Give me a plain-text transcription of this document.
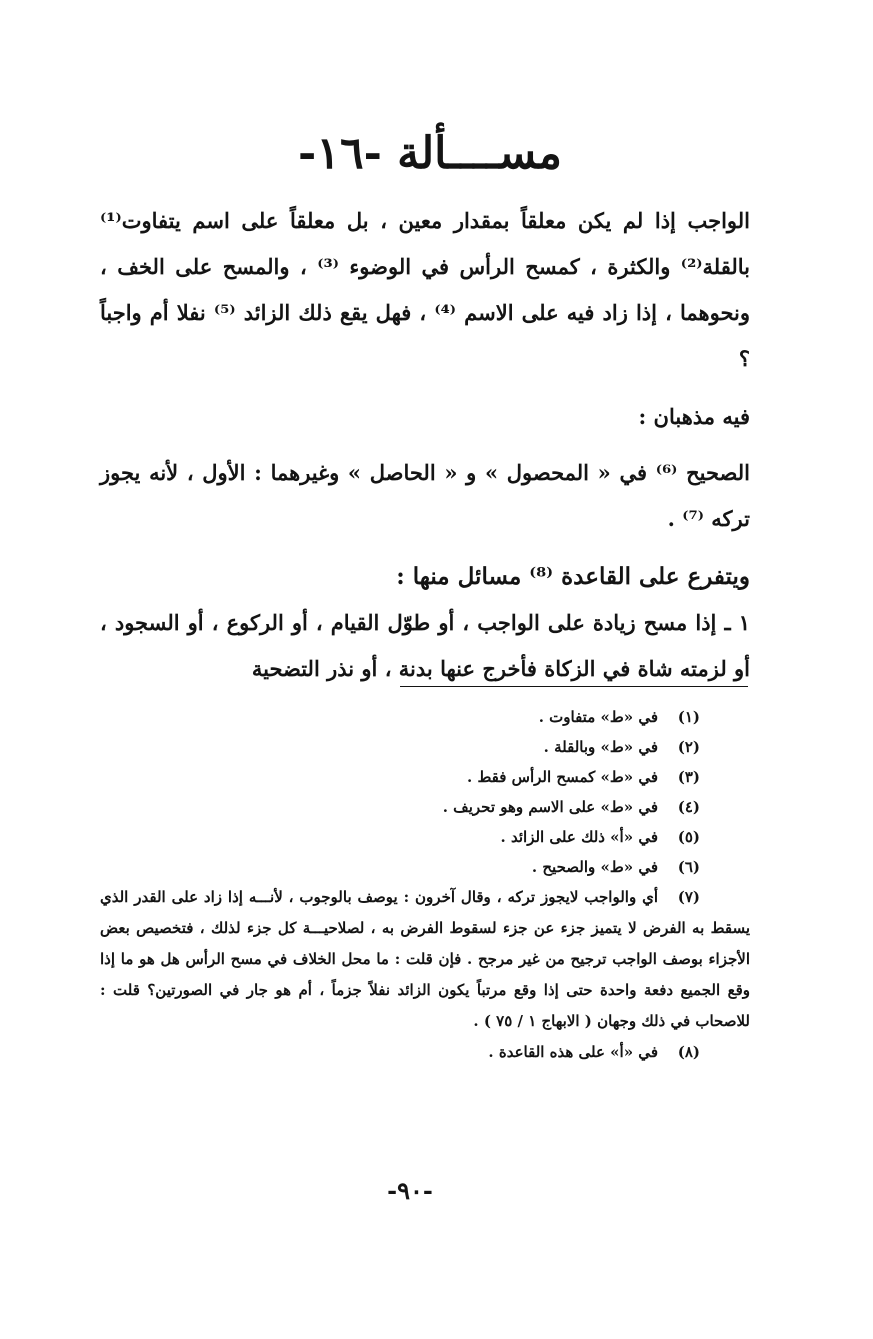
مســــألة -١٦-

الواجب إذا لم يكن معلقاً بمقدار معين ، بل معلقاً على اسم يتفاوت⁽¹⁾ بالقلة⁽²⁾ والكثرة ، كمسح الرأس في الوضوء ⁽³⁾ ، والمسح على الخف ، ونحوهما ، إذا زاد فيه على الاسم ⁽⁴⁾ ، فهل يقع ذلك الزائد ⁽⁵⁾ نفلا أم واجباً ؟

فيه مذهبان :

الصحيح ⁽⁶⁾ في « المحصول » و « الحاصل » وغيرهما : الأول ، لأنه يجوز تركه ⁽⁷⁾ .

ويتفرع على القاعدة ⁽⁸⁾ مسائل منها :

١ ـ إذا مسح زيادة على الواجب ، أو طوّل القيام ، أو الركوع ، أو السجود ، أو لزمته شاة في الزكاة فأخرج عنها بدنة ، أو نذر التضحية

(١)في «ط» متفاوت .

(٢)في «ط» وبالقلة .

(٣)في «ط» كمسح الرأس فقط .

(٤)في «ط» على الاسم وهو تحريف .

(٥)في «أ» ذلك على الزائد .

(٦)في «ط» والصحيح .

(٧)أي والواجب لايجوز تركه ، وقال آخرون : يوصف بالوجوب ، لأنـــه إذا زاد على القدر الذي يسقط به الفرض لا يتميز جزء عن جزء لسقوط الفرض به ، لصلاحيـــة كل جزء لذلك ، فتخصيص بعض الأجزاء بوصف الواجب ترجيح من غير مرجح . فإن قلت : ما محل الخلاف في مسح الرأس هل هو ما إذا وقع الجميع دفعة واحدة حتى إذا وقع مرتباً يكون الزائد نفلاً جزماً ، أم هو جار في الصورتين؟ قلت : للاصحاب في ذلك وجهان ( الابهاج ١ / ٧٥ ) .

(٨)في «أ» على هذه القاعدة .

-٩٠-
